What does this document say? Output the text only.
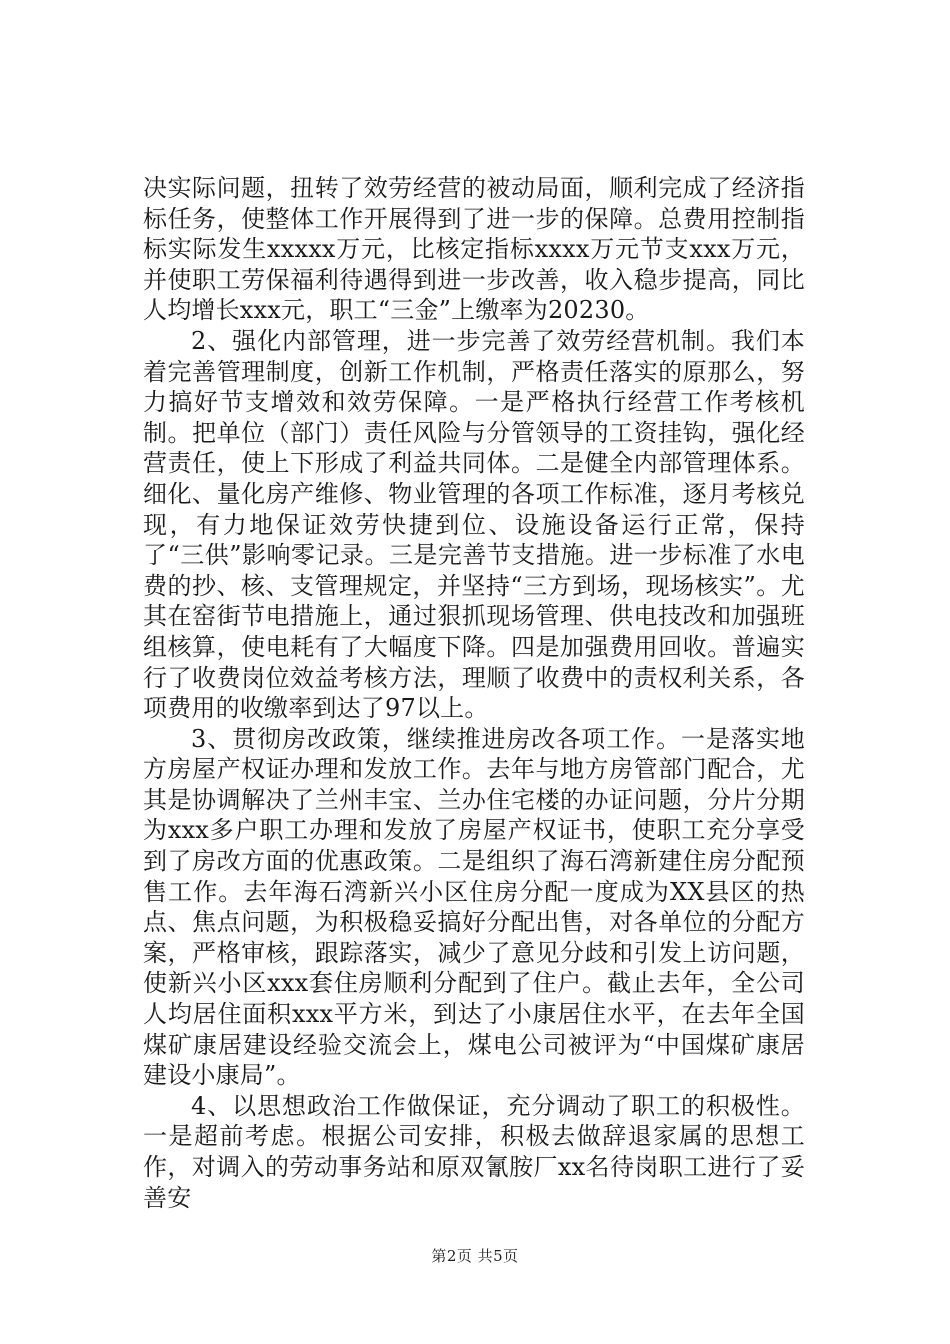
决实际问题，扭转了效劳经营的被动局面，顺利完成了经济指标任务，使整体工作开展得到了进一步的保障。总费用控制指标实际发生xxxxx万元，比核定指标xxxx万元节支xxx万元，并使职工劳保福利待遇得到进一步改善，收入稳步提高，同比人均增长xxx元，职工“三金”上缴率为20230。

2、强化内部管理，进一步完善了效劳经营机制。我们本着完善管理制度，创新工作机制，严格责任落实的原那么，努力搞好节支增效和效劳保障。一是严格执行经营工作考核机制。把单位（部门）责任风险与分管领导的工资挂钩，强化经营责任，使上下形成了利益共同体。二是健全内部管理体系。细化、量化房产维修、物业管理的各项工作标准，逐月考核兑现，有力地保证效劳快捷到位、设施设备运行正常，保持了“三供”影响零记录。三是完善节支措施。进一步标准了水电费的抄、核、支管理规定，并坚持“三方到场，现场核实”。尤其在窑街节电措施上，通过狠抓现场管理、供电技改和加强班组核算，使电耗有了大幅度下降。四是加强费用回收。普遍实行了收费岗位效益考核方法，理顺了收费中的责权利关系，各项费用的收缴率到达了97以上。

3、贯彻房改政策，继续推进房改各项工作。一是落实地方房屋产权证办理和发放工作。去年与地方房管部门配合，尤其是协调解决了兰州丰宝、兰办住宅楼的办证问题，分片分期为xxx多户职工办理和发放了房屋产权证书，使职工充分享受到了房改方面的优惠政策。二是组织了海石湾新建住房分配预售工作。去年海石湾新兴小区住房分配一度成为XX县区的热点、焦点问题，为积极稳妥搞好分配出售，对各单位的分配方案，严格审核，跟踪落实，减少了意见分歧和引发上访问题，使新兴小区xxx套住房顺利分配到了住户。截止去年，全公司人均居住面积xxx平方米，到达了小康居住水平，在去年全国煤矿康居建设经验交流会上，煤电公司被评为“中国煤矿康居建设小康局”。

4、以思想政治工作做保证，充分调动了职工的积极性。一是超前考虑。根据公司安排，积极去做辞退家属的思想工作，对调入的劳动事务站和原双氰胺厂xx名待岗职工进行了妥善安

第2页 共5页
